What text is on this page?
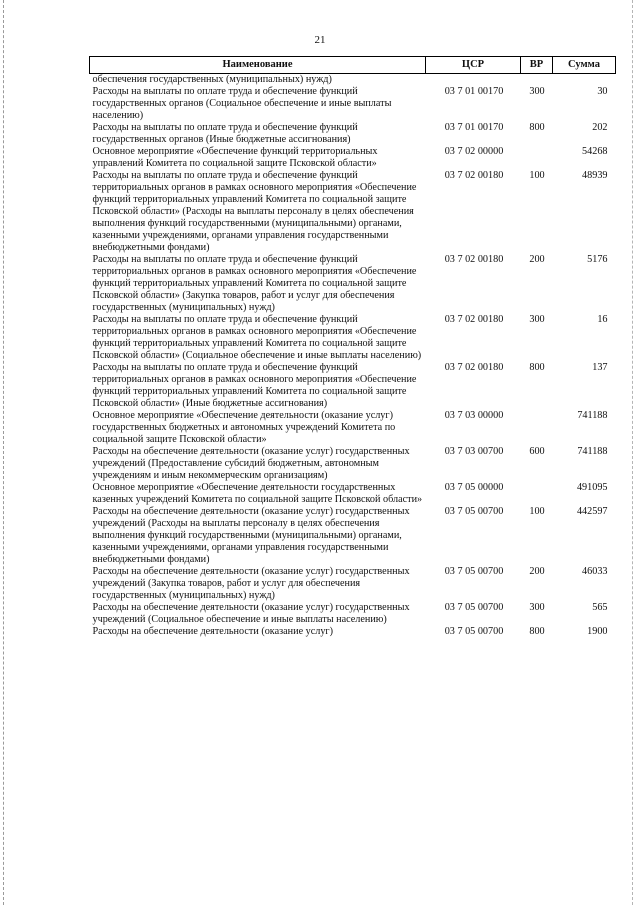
21
Наименование	ЦСР	ВР	Сумма
обеспечения государственных (муниципальных) нужд)			
Расходы на выплаты по оплате труда и обеспечение функций государственных органов (Социальное обеспечение и иные выплаты населению)	03 7 01 00170	300	30
Расходы на выплаты по оплате труда и обеспечение функций государственных органов (Иные бюджетные ассигнования)	03 7 01 00170	800	202
Основное мероприятие «Обеспечение функций территориальных управлений Комитета по социальной защите Псковской области»	03 7 02 00000		54268
Расходы на выплаты по оплате труда и обеспечение функций территориальных органов в рамках основного мероприятия «Обеспечение функций территориальных управлений Комитета по социальной защите Псковской области» (Расходы на выплаты персоналу в целях обеспечения выполнения функций государственными (муниципальными) органами, казенными учреждениями, органами управления государственными внебюджетными фондами)	03 7 02 00180	100	48939
Расходы на выплаты по оплате труда и обеспечение функций территориальных органов в рамках основного мероприятия «Обеспечение функций территориальных управлений Комитета по социальной защите Псковской области» (Закупка товаров, работ и услуг для обеспечения государственных (муниципальных) нужд)	03 7 02 00180	200	5176
Расходы на выплаты по оплате труда и обеспечение функций территориальных органов в рамках основного мероприятия «Обеспечение функций территориальных управлений Комитета по социальной защите Псковской области» (Социальное обеспечение и иные выплаты населению)	03 7 02 00180	300	16
Расходы на выплаты по оплате труда и обеспечение функций территориальных органов в рамках основного мероприятия «Обеспечение функций территориальных управлений Комитета по социальной защите Псковской области» (Иные бюджетные ассигнования)	03 7 02 00180	800	137
Основное мероприятие «Обеспечение деятельности (оказание услуг) государственных бюджетных и автономных учреждений Комитета по социальной защите Псковской области»	03 7 03 00000		741188
Расходы на обеспечение деятельности (оказание услуг) государственных учреждений (Предоставление субсидий бюджетным, автономным учреждениям и иным некоммерческим организациям)	03 7 03 00700	600	741188
Основное мероприятие «Обеспечение деятельности государственных казенных учреждений Комитета по социальной защите Псковской области»	03 7 05 00000		491095
Расходы на обеспечение деятельности (оказание услуг) государственных учреждений (Расходы на выплаты персоналу в целях обеспечения выполнения функций государственными (муниципальными) органами, казенными учреждениями, органами управления государственными внебюджетными фондами)	03 7 05 00700	100	442597
Расходы на обеспечение деятельности (оказание услуг) государственных учреждений (Закупка товаров, работ и услуг для обеспечения государственных (муниципальных) нужд)	03 7 05 00700	200	46033
Расходы на обеспечение деятельности (оказание услуг) государственных учреждений (Социальное обеспечение и иные выплаты населению)	03 7 05 00700	300	565
Расходы на обеспечение деятельности (оказание услуг)	03 7 05 00700	800	1900
